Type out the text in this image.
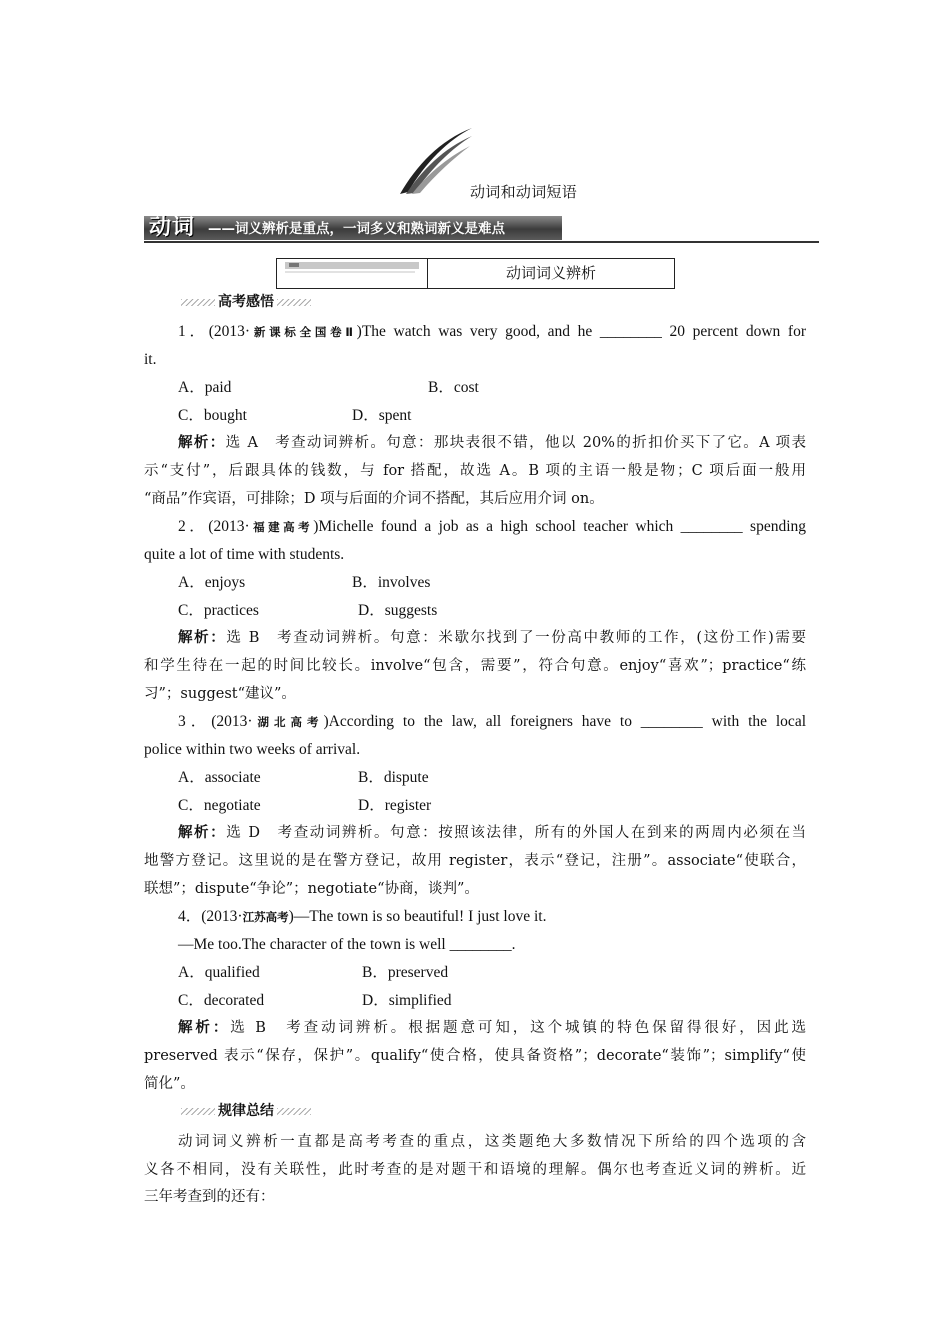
动词和动词短语
动词 ——词义辨析是重点，一词多义和熟词新义是难点
动词词义辨析
高考感悟
1．(2013·新课标全国卷Ⅱ)The watch was very good, and he ________ 20 percent down for
it.
A．paid	B．cost
C．bought	D．spent
解析：选 A　考查动词辨析。句意：那块表很不错，他以 20%的折扣价买下了它。A 项表
示“支付”，后跟具体的钱数，与 for 搭配，故选 A。B 项的主语一般是物；C 项后面一般用
“商品”作宾语，可排除；D 项与后面的介词不搭配，其后应用介词 on。
2．(2013·福建高考)Michelle found a job as a high school teacher which ________ spending
quite a lot of time with students.
A．enjoys	B．involves
C．practices	D．suggests
解析：选 B　考查动词辨析。句意：米歇尔找到了一份高中教师的工作，(这份工作)需要
和学生待在一起的时间比较长。involve“包含，需要”，符合句意。enjoy“喜欢”；practice“练
习”；suggest“建议”。
3．(2013·湖北高考)According to the law, all foreigners have to ________ with the local
police within two weeks of arrival.
A．associate	B．dispute
C．negotiate	D．register
解析：选 D　考查动词辨析。句意：按照该法律，所有的外国人在到来的两周内必须在当
地警方登记。这里说的是在警方登记，故用 register，表示“登记，注册”。associate“使联合，
联想”；dispute“争论”；negotiate“协商，谈判”。
4．(2013·江苏高考)—The town is so beautiful! I just love it.
—Me too.The character of the town is well ________.
A．qualified	B．preserved
C．decorated	D．simplified
解析：选 B　考查动词辨析。根据题意可知，这个城镇的特色保留得很好，因此选
preserved 表示“保存，保护”。qualify“使合格，使具备资格”；decorate“装饰”；simplify“使
简化”。
规律总结
动词词义辨析一直都是高考考查的重点，这类题绝大多数情况下所给的四个选项的含
义各不相同，没有关联性，此时考查的是对题干和语境的理解。偶尔也考查近义词的辨析。近
三年考查到的还有：
